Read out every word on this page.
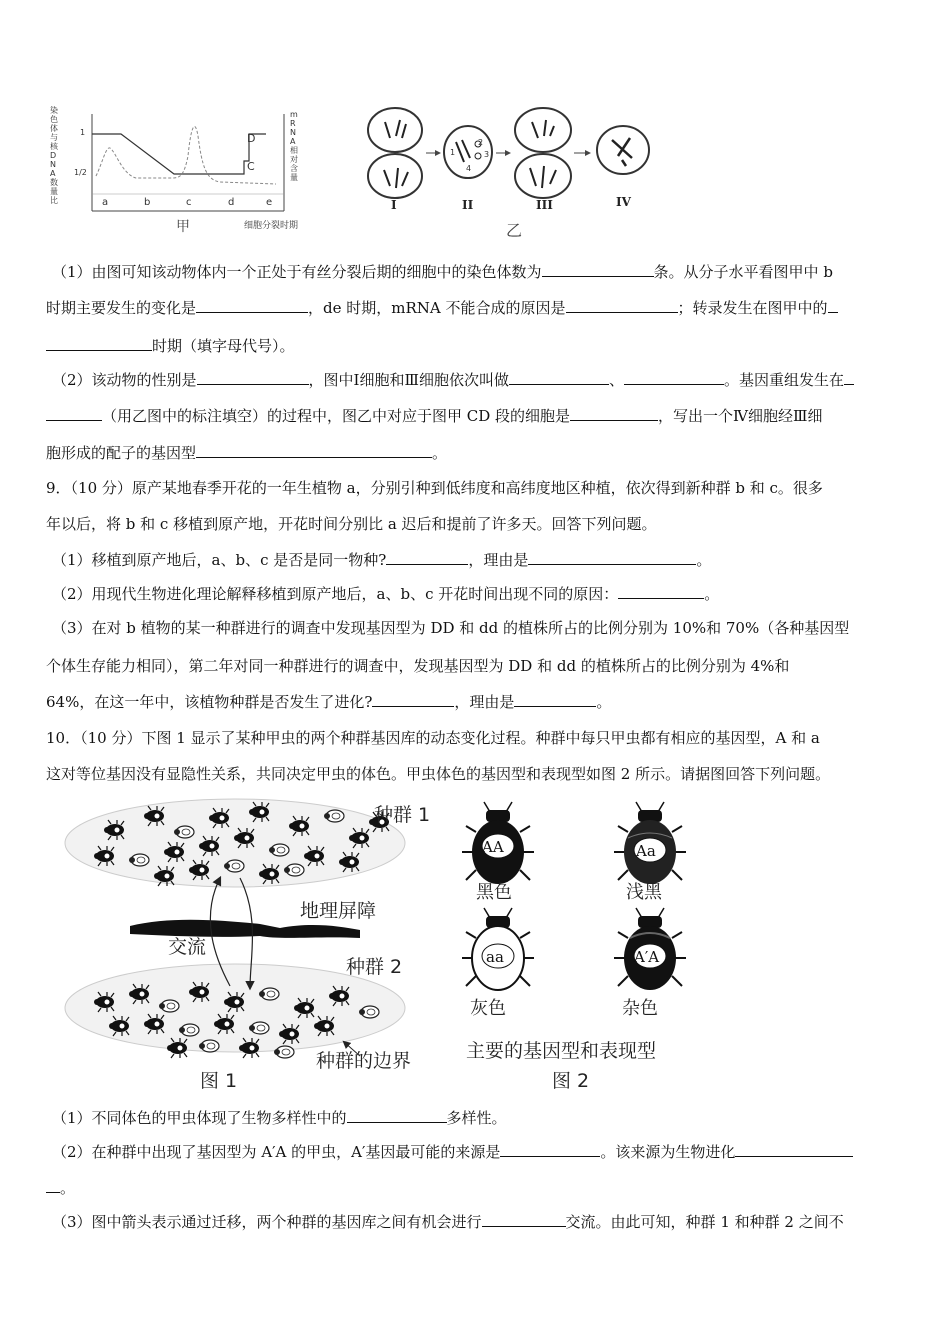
染色体与核DNA数量比
1
1/2
mRNA相对含量
D
C
a	b	c	d	e
细胞分裂时期
甲
1
2
3
4
I	II	III	IV
乙
（1）由图可知该动物体内一个正处于有丝分裂后期的细胞中的染色体数为	条。从分子水平看图甲中 b
时期主要发生的变化是	，de 时期，mRNA 不能合成的原因是	；转录发生在图甲中的
时期（填字母代号）。
（2）该动物的性别是	，图中Ⅰ细胞和Ⅲ细胞依次叫做	、	。基因重组发生在
（用乙图中的标注填空）的过程中，图乙中对应于图甲 CD 段的细胞是	，写出一个Ⅳ细胞经Ⅲ细
胞形成的配子的基因型	。
9．（10 分）原产某地春季开花的一年生植物 a，分别引种到低纬度和高纬度地区种植，依次得到新种群 b 和 c。很多
年以后，将 b 和 c 移植到原产地，开花时间分别比 a 迟后和提前了许多天。回答下列问题。
（1）移植到原产地后，a、b、c 是否是同一物种?	，理由是	。
（2）用现代生物进化理论解释移植到原产地后，a、b、c 开花时间出现不同的原因：	。
（3）在对 b 植物的某一种群进行的调查中发现基因型为 DD 和 dd 的植株所占的比例分别为 10%和 70%（各种基因型
个体生存能力相同），第二年对同一种群进行的调查中，发现基因型为 DD 和 dd 的植株所占的比例分别为 4%和
64%，在这一年中，该植物种群是否发生了进化?	，理由是	。
10．（10 分）下图 1 显示了某种甲虫的两个种群基因库的动态变化过程。种群中每只甲虫都有相应的基因型，A 和 a
这对等位基因没有显隐性关系，共同决定甲虫的体色。甲虫体色的基因型和表现型如图 2 所示。请据图回答下列问题。
种群 1
地理屏障
交流
种群 2
种群的边界
图 1
AA	Aa
aa	A′A
黑色	浅黑
灰色	杂色
主要的基因型和表现型
图 2
（1）不同体色的甲虫体现了生物多样性中的	多样性。
（2）在种群中出现了基因型为 A′A 的甲虫，A′基因最可能的来源是	。该来源为生物进化
。
（3）图中箭头表示通过迁移，两个种群的基因库之间有机会进行	交流。由此可知，种群 1 和种群 2 之间不
